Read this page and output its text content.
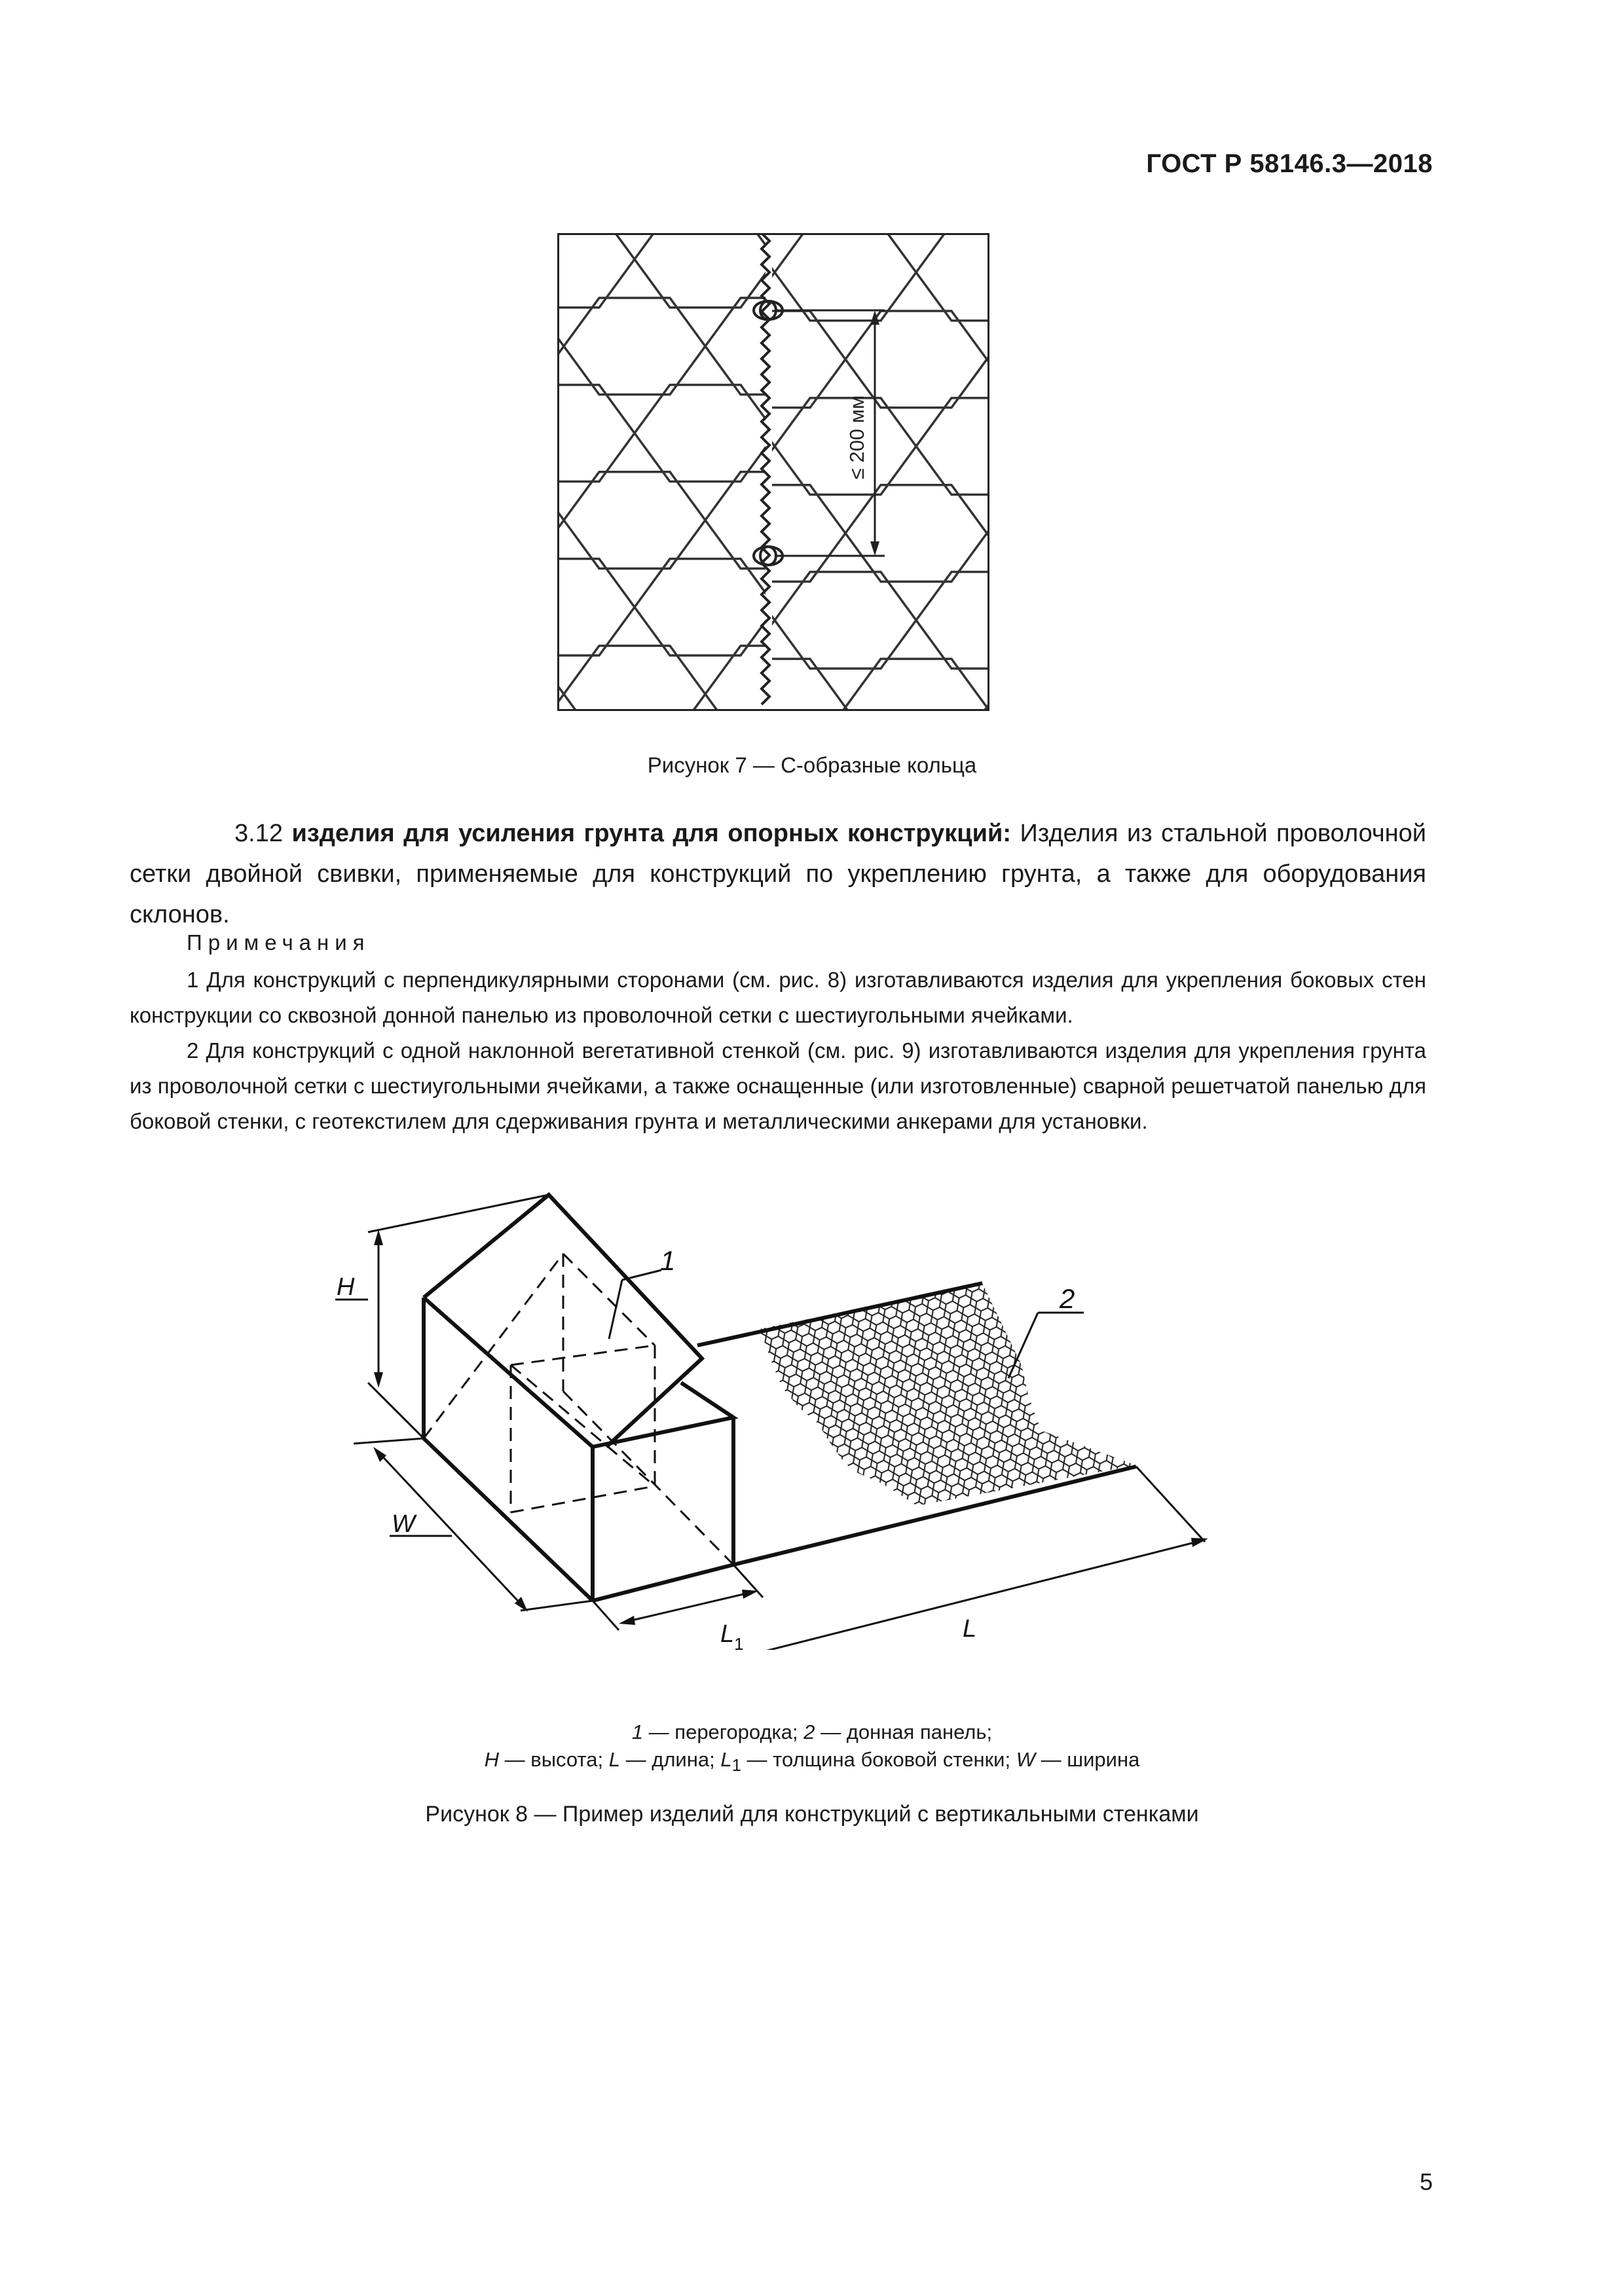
ГОСТ Р 58146.3—2018
≤ 200 мм
Рисунок 7 — С-образные кольца
3.12 изделия для усиления грунта для опорных конструкций: Изделия из стальной проволочной сетки двойной свивки, применяемые для конструкций по укреплению грунта, а также для оборудования склонов.
Примечания
1 Для конструкций с перпендикулярными сторонами (см. рис. 8) изготавливаются изделия для укрепления боковых стен конструкции со сквозной донной панелью из проволочной сетки с шестиугольными ячейками.
2 Для конструкций с одной наклонной вегетативной стенкой (см. рис. 9) изготавливаются изделия для укрепления грунта из проволочной сетки с шестиугольными ячейками, а также оснащенные (или изготовленные) сварной решетчатой панелью для боковой стенки, с геотекстилем для сдерживания грунта и металлическими анкерами для установки.
1
2
H
W
L
$L_1$
1 — перегородка; 2 — донная панель;
H — высота; L — длина; $L_1$ — толщина боковой стенки; W — ширина
Рисунок 8 — Пример изделий для конструкций с вертикальными стенками
5
